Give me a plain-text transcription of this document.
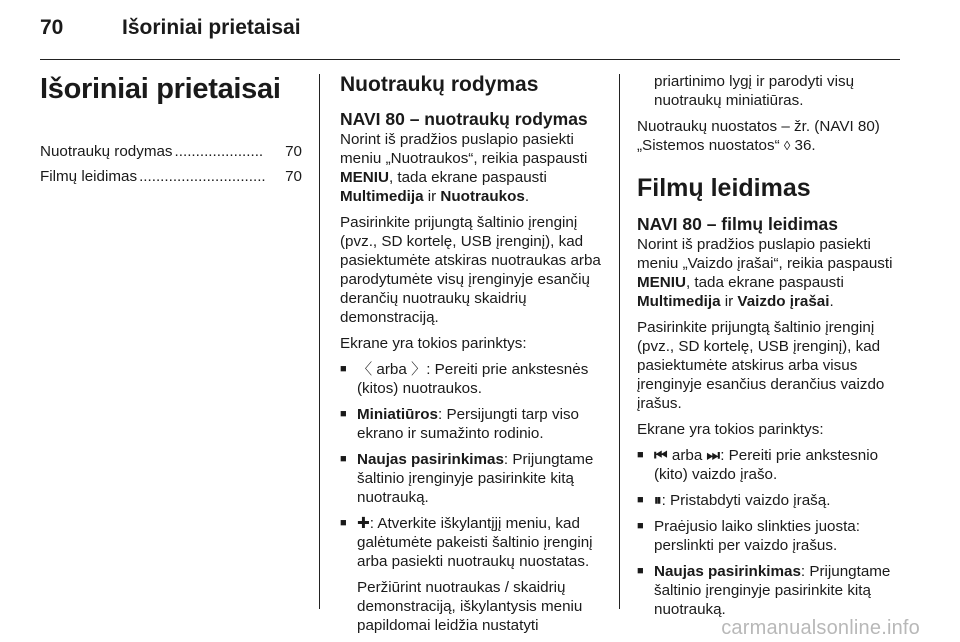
70	Išoriniai prietaisai
Išoriniai prietaisai
Nuotraukų rodymas .....................	70
Filmų leidimas ..............................	70
Nuotraukų rodymas
NAVI 80 – nuotraukų rodymas

Norint iš pradžios puslapio pasiekti meniu „Nuotraukos“, reikia paspausti MENIU, tada ekrane paspausti Multimedija ir Nuotraukos.

Pasirinkite prijungtą šaltinio įrenginį (pvz., SD kortelę, USB įrenginį), kad pasiektumėte atskiras nuotraukas arba parodytumėte visų įrenginyje esančių derančių nuotraukų skaidrių demonstraciją.

Ekrane yra tokios parinktys:

■ 〈 arba 〉: Pereiti prie ankstesnės (kitos) nuotraukos.
■ Miniatiūros: Persijungti tarp viso ekrano ir sumažinto rodinio.
■ Naujas pasirinkimas: Prijungtame šaltinio įrenginyje pasirinkite kitą nuotrauką.
■ ✚: Atverkite iškylantįjį meniu, kad galėtumėte pakeisti šaltinio įrenginį arba pasiekti nuotraukų nuostatas.

Peržiūrint nuotraukas / skaidrių demonstraciją, iškylantysis meniu papildomai leidžia nustatyti

priartinimo lygį ir parodyti visų nuotraukų miniatiūras.

Nuotraukų nuostatos – žr. (NAVI 80) „Sistemos nuostatos“ ◊ 36.

Filmų leidimas
NAVI 80 – filmų leidimas

Norint iš pradžios puslapio pasiekti meniu „Vaizdo įrašai“, reikia paspausti MENIU, tada ekrane paspausti Multimedija ir Vaizdo įrašai.

Pasirinkite prijungtą šaltinio įrenginį (pvz., SD kortelę, USB įrenginį), kad pasiektumėte atskirus arba visus įrenginyje esančius derančius vaizdo įrašus.

Ekrane yra tokios parinktys:

■ ⏮ arba ⏭: Pereiti prie ankstesnio (kito) vaizdo įrašo.
■ ⏸: Pristabdyti vaizdo įrašą.
■ Praėjusio laiko slinkties juosta: perslinkti per vaizdo įrašus.
■ Naujas pasirinkimas: Prijungtame šaltinio įrenginyje pasirinkite kitą nuotrauką.
carmanualsonline.info
